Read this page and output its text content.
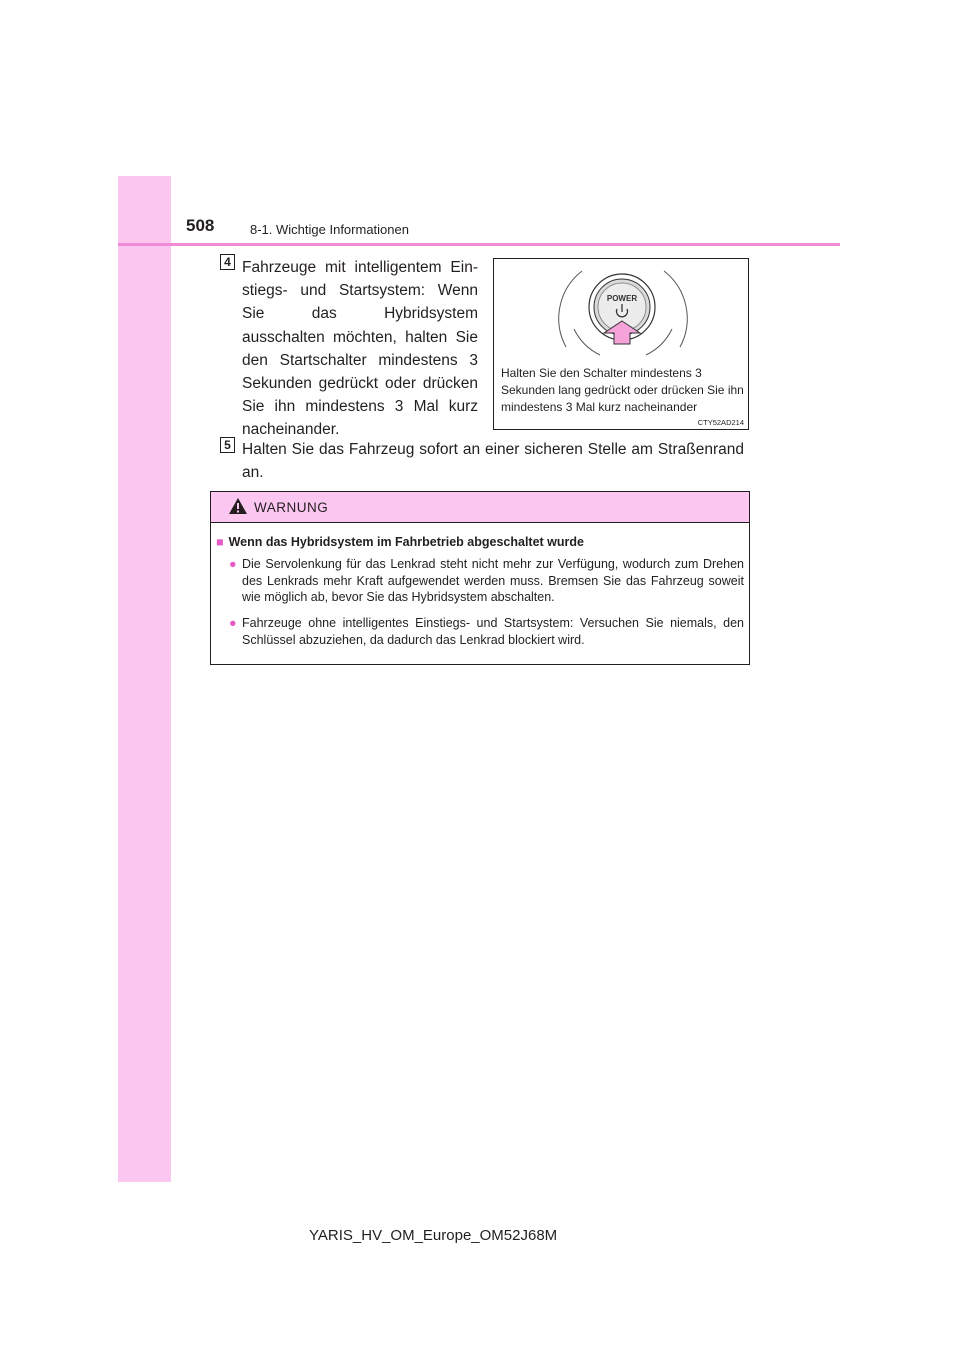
508	8-1. Wichtige Informationen
4 Fahrzeuge mit intelligentem Einstiegs- und Startsystem: Wenn Sie das Hybridsystem ausschalten möchten, halten Sie den Startschalter mindestens 3 Sekunden gedrückt oder drücken Sie ihn mindestens 3 Mal kurz nacheinander.
POWER
Halten Sie den Schalter mindestens 3 Sekunden lang gedrückt oder drücken Sie ihn mindestens 3 Mal kurz nacheinander
CTY52AD214
5 Halten Sie das Fahrzeug sofort an einer sicheren Stelle am Straßenrand an.
WARNUNG
■ Wenn das Hybridsystem im Fahrbetrieb abgeschaltet wurde
● Die Servolenkung für das Lenkrad steht nicht mehr zur Verfügung, wodurch zum Drehen des Lenkrads mehr Kraft aufgewendet werden muss. Bremsen Sie das Fahrzeug soweit wie möglich ab, bevor Sie das Hybridsystem abschalten.
● Fahrzeuge ohne intelligentes Einstiegs- und Startsystem: Versuchen Sie niemals, den Schlüssel abzuziehen, da dadurch das Lenkrad blockiert wird.
YARIS_HV_OM_Europe_OM52J68M
